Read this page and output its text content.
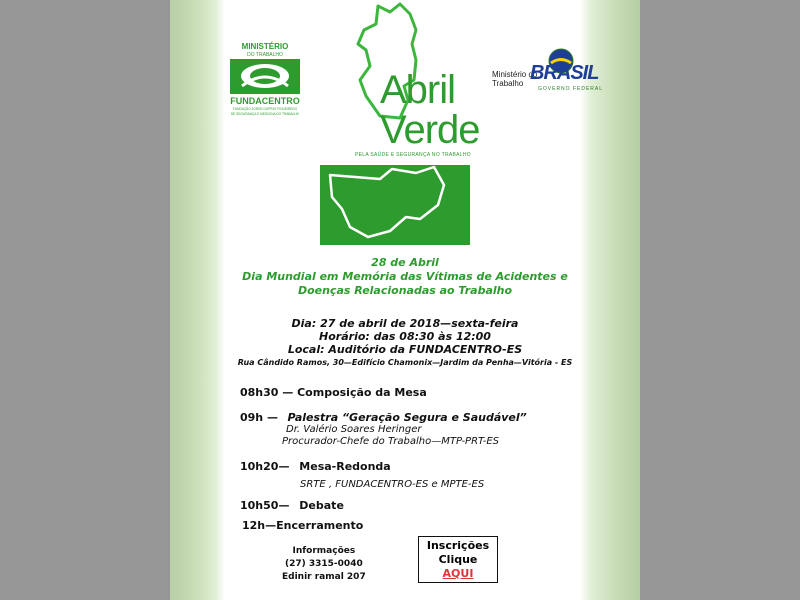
MINISTÉRIO
DO TRABALHO
FUNDACENTRO
FUNDAÇÃO JORGE DUPRAT FIGUEIREDO
DE SEGURANÇA E MEDICINA DO TRABALHO
Abril
Verde
PELA SAÚDE E SEGURANÇA NO TRABALHO
Ministério do
Trabalho BRASIL
GOVERNO FEDERAL
28 de Abril
Dia Mundial em Memória das Vítimas de Acidentes e
Doenças Relacionadas ao Trabalho
Dia: 27 de abril de 2018—sexta-feira
Horário: das 08:30 às 12:00
Local: Auditório da FUNDACENTRO-ES
Rua Cândido Ramos, 30—Edifício Chamonix—Jardim da Penha—Vitória - ES
08h30 — Composição da Mesa
09h — Palestra “Geração Segura e Saudável”
Dr. Valério Soares Heringer
Procurador-Chefe do Trabalho—MTP-PRT-ES
10h20— Mesa-Redonda
SRTE , FUNDACENTRO-ES e MPTE-ES
10h50— Debate
12h—Encerramento
Informações
(27) 3315-0040
Edinir ramal 207
Inscrições
Clique
AQUI
